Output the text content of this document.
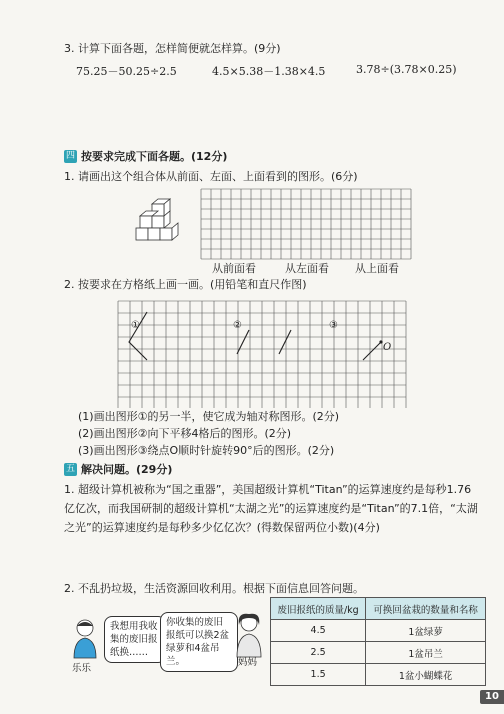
3. 计算下面各题，怎样简便就怎样算。(9分)
75.25－50.25÷2.5	4.5×5.38－1.38×4.5	3.78÷(3.78×0.25)
四 按要求完成下面各题。(12分)
1. 请画出这个组合体从前面、左面、上面看到的图形。(6分)
从前面看	从左面看 从上面看
2. 按要求在方格纸上画一画。(用铅笔和直尺作图)
①	②	③
O
(1)画出图形①的另一半，使它成为轴对称图形。(2分)
(2)画出图形②向下平移4格后的图形。(2分)
(3)画出图形③绕点O顺时针旋转90°后的图形。(2分)
五 解决问题。(29分)
1. 超级计算机被称为“国之重器”，美国超级计算机“Titan”的运算速度约是每秒1.76亿亿次，而我国研制的超级计算机“太湖之光”的运算速度约是“Titan”的7.1倍，“太湖之光”的运算速度约是每秒多少亿亿次？(得数保留两位小数)(4分)
2. 不乱扔垃圾，生活资源回收利用。根据下面信息回答问题。
乐乐
我想用我收集的废旧报纸换……
你收集的废旧报纸可以换2盆绿萝和4盆吊兰。	妈妈
废旧报纸的质量/kg	可换回盆栽的数量和名称
4.5	1盆绿萝
2.5	1盆吊兰
1.5	1盆小蝴蝶花
10
